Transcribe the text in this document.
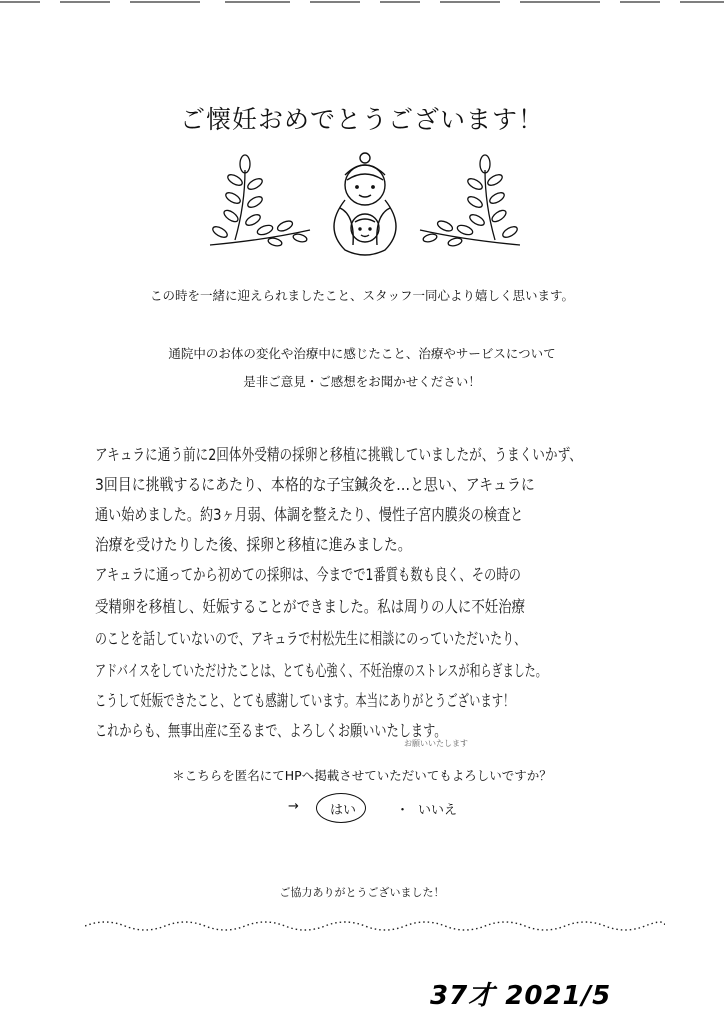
ご懐妊おめでとうございます！
この時を一緒に迎えられましたこと、スタッフ一同心より嬉しく思います。
通院中のお体の変化や治療中に感じたこと、治療やサービスについて
是非ご意見・ご感想をお聞かせください！
アキュラに通う前に2回体外受精の採卵と移植に挑戦していましたが、うまくいかず、
3回目に挑戦するにあたり、本格的な子宝鍼灸を…と思い、アキュラに
通い始めました。約3ヶ月弱、体調を整えたり、慢性子宮内膜炎の検査と
治療を受けたりした後、採卵と移植に進みました。
アキュラに通ってから初めての採卵は、今までで1番質も数も良く、その時の
受精卵を移植し、妊娠することができました。私は周りの人に不妊治療
のことを話していないので、アキュラで村松先生に相談にのっていただいたり、
アドバイスをしていただけたことは、とても心強く、不妊治療のストレスが和らぎました。
こうして妊娠できたこと、とても感謝しています。本当にありがとうございます！
これからも、無事出産に至るまで、よろしくお願いいたします。
お願いいたします
＊こちらを匿名にてHPへ掲載させていただいてもよろしいですか？
→ はい	・ いいえ
ご協力ありがとうございました！
37才 2021/5
